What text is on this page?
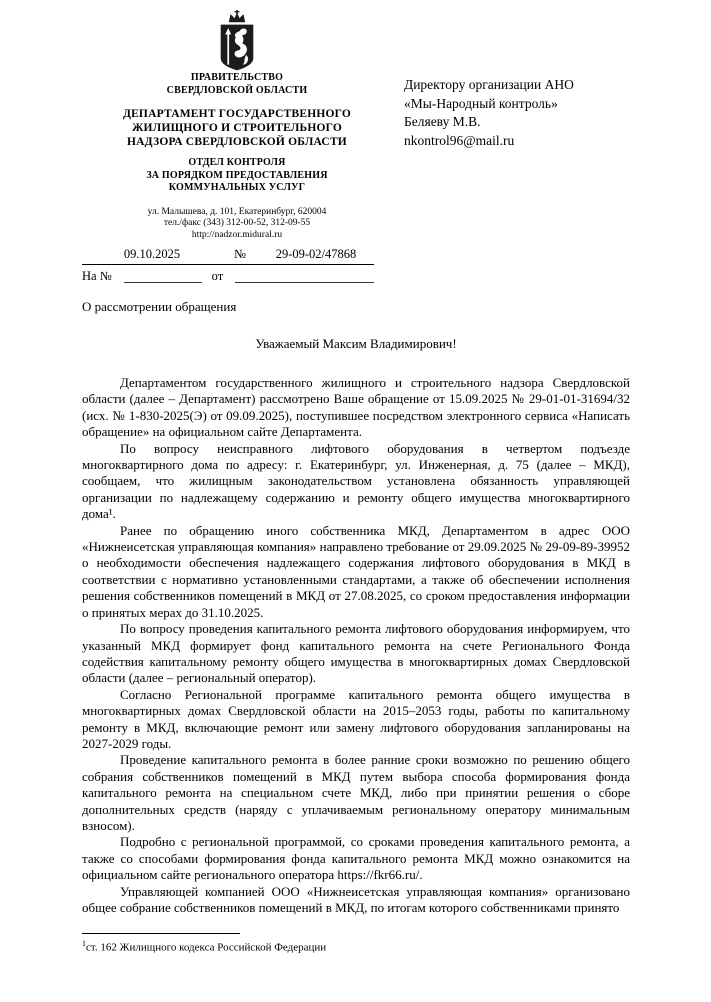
ПРАВИТЕЛЬСТВО
СВЕРДЛОВСКОЙ ОБЛАСТИ
ДЕПАРТАМЕНТ ГОСУДАРСТВЕННОГО
ЖИЛИЩНОГО И СТРОИТЕЛЬНОГО
НАДЗОРА СВЕРДЛОВСКОЙ ОБЛАСТИ
ОТДЕЛ КОНТРОЛЯ
ЗА ПОРЯДКОМ ПРЕДОСТАВЛЕНИЯ
КОММУНАЛЬНЫХ УСЛУГ
ул. Малышева, д. 101, Екатеринбург, 620004
тел./факс (343) 312-00-52, 312-09-55
http://nadzor.midural.ru
09.10.2025	№	29-09-02/47868
На №	от
Директору организации АНО
«Мы-Народный контроль»
Беляеву М.В.
nkontrol96@mail.ru
О рассмотрении обращения
Уважаемый Максим Владимирович!

Департаментом государственного жилищного и строительного надзора Свердловской области (далее – Департамент) рассмотрено Ваше обращение от 15.09.2025 № 29-01-01-31694/32 (исх. № 1-830-2025(Э) от 09.09.2025), поступившее посредством электронного сервиса «Написать обращение» на официальном сайте Департамента.

По вопросу неисправного лифтового оборудования в четвертом подъезде многоквартирного дома по адресу: г. Екатеринбург, ул. Инженерная, д. 75 (далее – МКД), сообщаем, что жилищным законодательством установлена обязанность управляющей организации по надлежащему содержанию и ремонту общего имущества многоквартирного дома¹.

Ранее по обращению иного собственника МКД, Департаментом в адрес ООО «Нижнеисетская управляющая компания» направлено требование от 29.09.2025 № 29-09-89-39952 о необходимости обеспечения надлежащего содержания лифтового оборудования в МКД в соответствии с нормативно установленными стандартами, а также об обеспечении исполнения решения собственников помещений в МКД от 27.08.2025, со сроком предоставления информации о принятых мерах до 31.10.2025.

По вопросу проведения капитального ремонта лифтового оборудования информируем, что указанный МКД формирует фонд капитального ремонта на счете Регионального Фонда содействия капитальному ремонту общего имущества в многоквартирных домах Свердловской области (далее – региональный оператор).

Согласно Региональной программе капитального ремонта общего имущества в многоквартирных домах Свердловской области на 2015–2053 годы, работы по капитальному ремонту в МКД, включающие ремонт или замену лифтового оборудования запланированы на 2027-2029 годы.

Проведение капитального ремонта в более ранние сроки возможно по решению общего собрания собственников помещений в МКД путем выбора способа формирования фонда капитального ремонта на специальном счете МКД, либо при принятии решения о сборе дополнительных средств (наряду с уплачиваемым региональному оператору минимальным взносом).

Подробно с региональной программой, со сроками проведения капитального ремонта, а также со способами формирования фонда капитального ремонта МКД можно ознакомится на официальном сайте регионального оператора https://fkr66.ru/.

Управляющей компанией ООО «Нижнеисетская управляющая компания» организовано общее собрание собственников помещений в МКД, по итогам которого собственниками принято

$^1$ст. 162 Жилищного кодекса Российской Федерации
